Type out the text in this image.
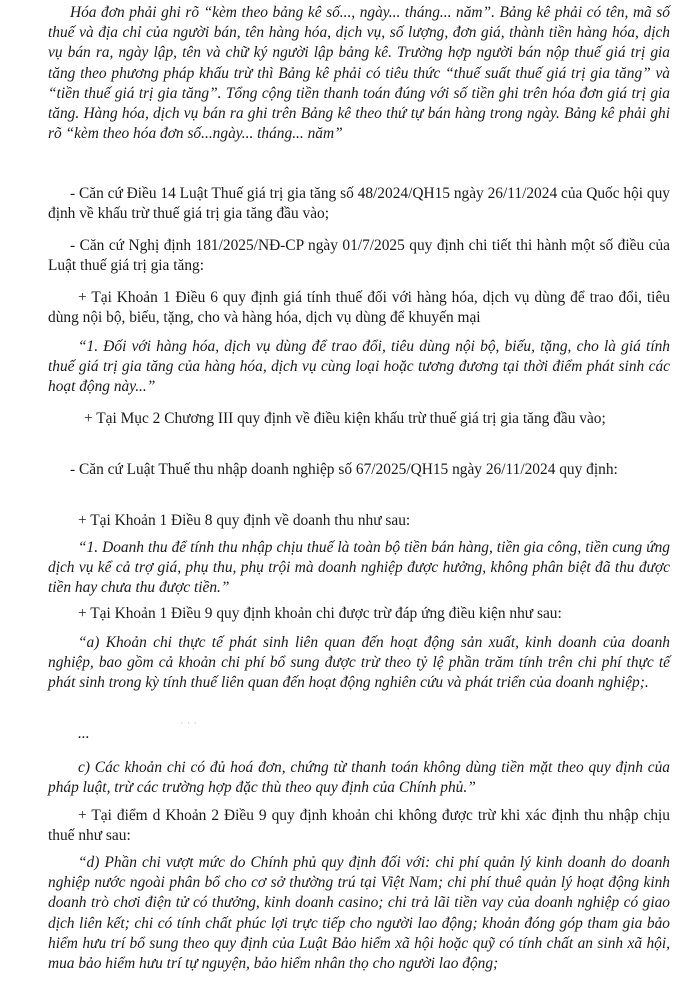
Hóa đơn phải ghi rõ “kèm theo bảng kê số..., ngày... tháng... năm”. Bảng kê phải có tên, mã số thuế và địa chỉ của người bán, tên hàng hóa, dịch vụ, số lượng, đơn giá, thành tiền hàng hóa, dịch vụ bán ra, ngày lập, tên và chữ ký người lập bảng kê. Trường hợp người bán nộp thuế giá trị gia tăng theo phương pháp khấu trừ thì Bảng kê phải có tiêu thức “thuế suất thuế giá trị gia tăng” và “tiền thuế giá trị gia tăng”. Tổng cộng tiền thanh toán đúng với số tiền ghi trên hóa đơn giá trị gia tăng. Hàng hóa, dịch vụ bán ra ghi trên Bảng kê theo thứ tự bán hàng trong ngày. Bảng kê phải ghi rõ “kèm theo hóa đơn số...ngày... tháng... năm”

- Căn cứ Điều 14 Luật Thuế giá trị gia tăng số 48/2024/QH15 ngày 26/11/2024 của Quốc hội quy định về khấu trừ thuế giá trị gia tăng đầu vào;

- Căn cứ Nghị định 181/2025/NĐ-CP ngày 01/7/2025 quy định chi tiết thi hành một số điều của Luật thuế giá trị gia tăng:

+ Tại Khoản 1 Điều 6 quy định giá tính thuế đối với hàng hóa, dịch vụ dùng để trao đổi, tiêu dùng nội bộ, biếu, tặng, cho và hàng hóa, dịch vụ dùng để khuyến mại

“1. Đối với hàng hóa, dịch vụ dùng để trao đổi, tiêu dùng nội bộ, biếu, tặng, cho là giá tính thuế giá trị gia tăng của hàng hóa, dịch vụ cùng loại hoặc tương đương tại thời điểm phát sinh các hoạt động này...”

+ Tại Mục 2 Chương III quy định về điều kiện khấu trừ thuế giá trị gia tăng đầu vào;

- Căn cứ Luật Thuế thu nhập doanh nghiệp số 67/2025/QH15 ngày 26/11/2024 quy định:

+ Tại Khoản 1 Điều 8 quy định về doanh thu như sau:

“1. Doanh thu để tính thu nhập chịu thuế là toàn bộ tiền bán hàng, tiền gia công, tiền cung ứng dịch vụ kể cả trợ giá, phụ thu, phụ trội mà doanh nghiệp được hưởng, không phân biệt đã thu được tiền hay chưa thu được tiền.”

+ Tại Khoản 1 Điều 9 quy định khoản chi được trừ đáp ứng điều kiện như sau:

“a) Khoản chi thực tế phát sinh liên quan đến hoạt động sản xuất, kinh doanh của doanh nghiệp, bao gồm cả khoản chi phí bổ sung được trừ theo tỷ lệ phần trăm tính trên chi phí thực tế phát sinh trong kỳ tính thuế liên quan đến hoạt động nghiên cứu và phát triển của doanh nghiệp;.

...

c) Các khoản chi có đủ hoá đơn, chứng từ thanh toán không dùng tiền mặt theo quy định của pháp luật, trừ các trường hợp đặc thù theo quy định của Chính phủ.”

+ Tại điểm d Khoản 2 Điều 9 quy định khoản chi không được trừ khi xác định thu nhập chịu thuế như sau:

“d) Phần chi vượt mức do Chính phủ quy định đối với: chi phí quản lý kinh doanh do doanh nghiệp nước ngoài phân bổ cho cơ sở thường trú tại Việt Nam; chi phí thuê quản lý hoạt động kinh doanh trò chơi điện tử có thưởng, kinh doanh casino; chi trả lãi tiền vay của doanh nghiệp có giao dịch liên kết; chi có tính chất phúc lợi trực tiếp cho người lao động; khoản đóng góp tham gia bảo hiểm hưu trí bổ sung theo quy định của Luật Bảo hiểm xã hội hoặc quỹ có tính chất an sinh xã hội, mua bảo hiểm hưu trí tự nguyện, bảo hiểm nhân thọ cho người lao động;

· · ·
